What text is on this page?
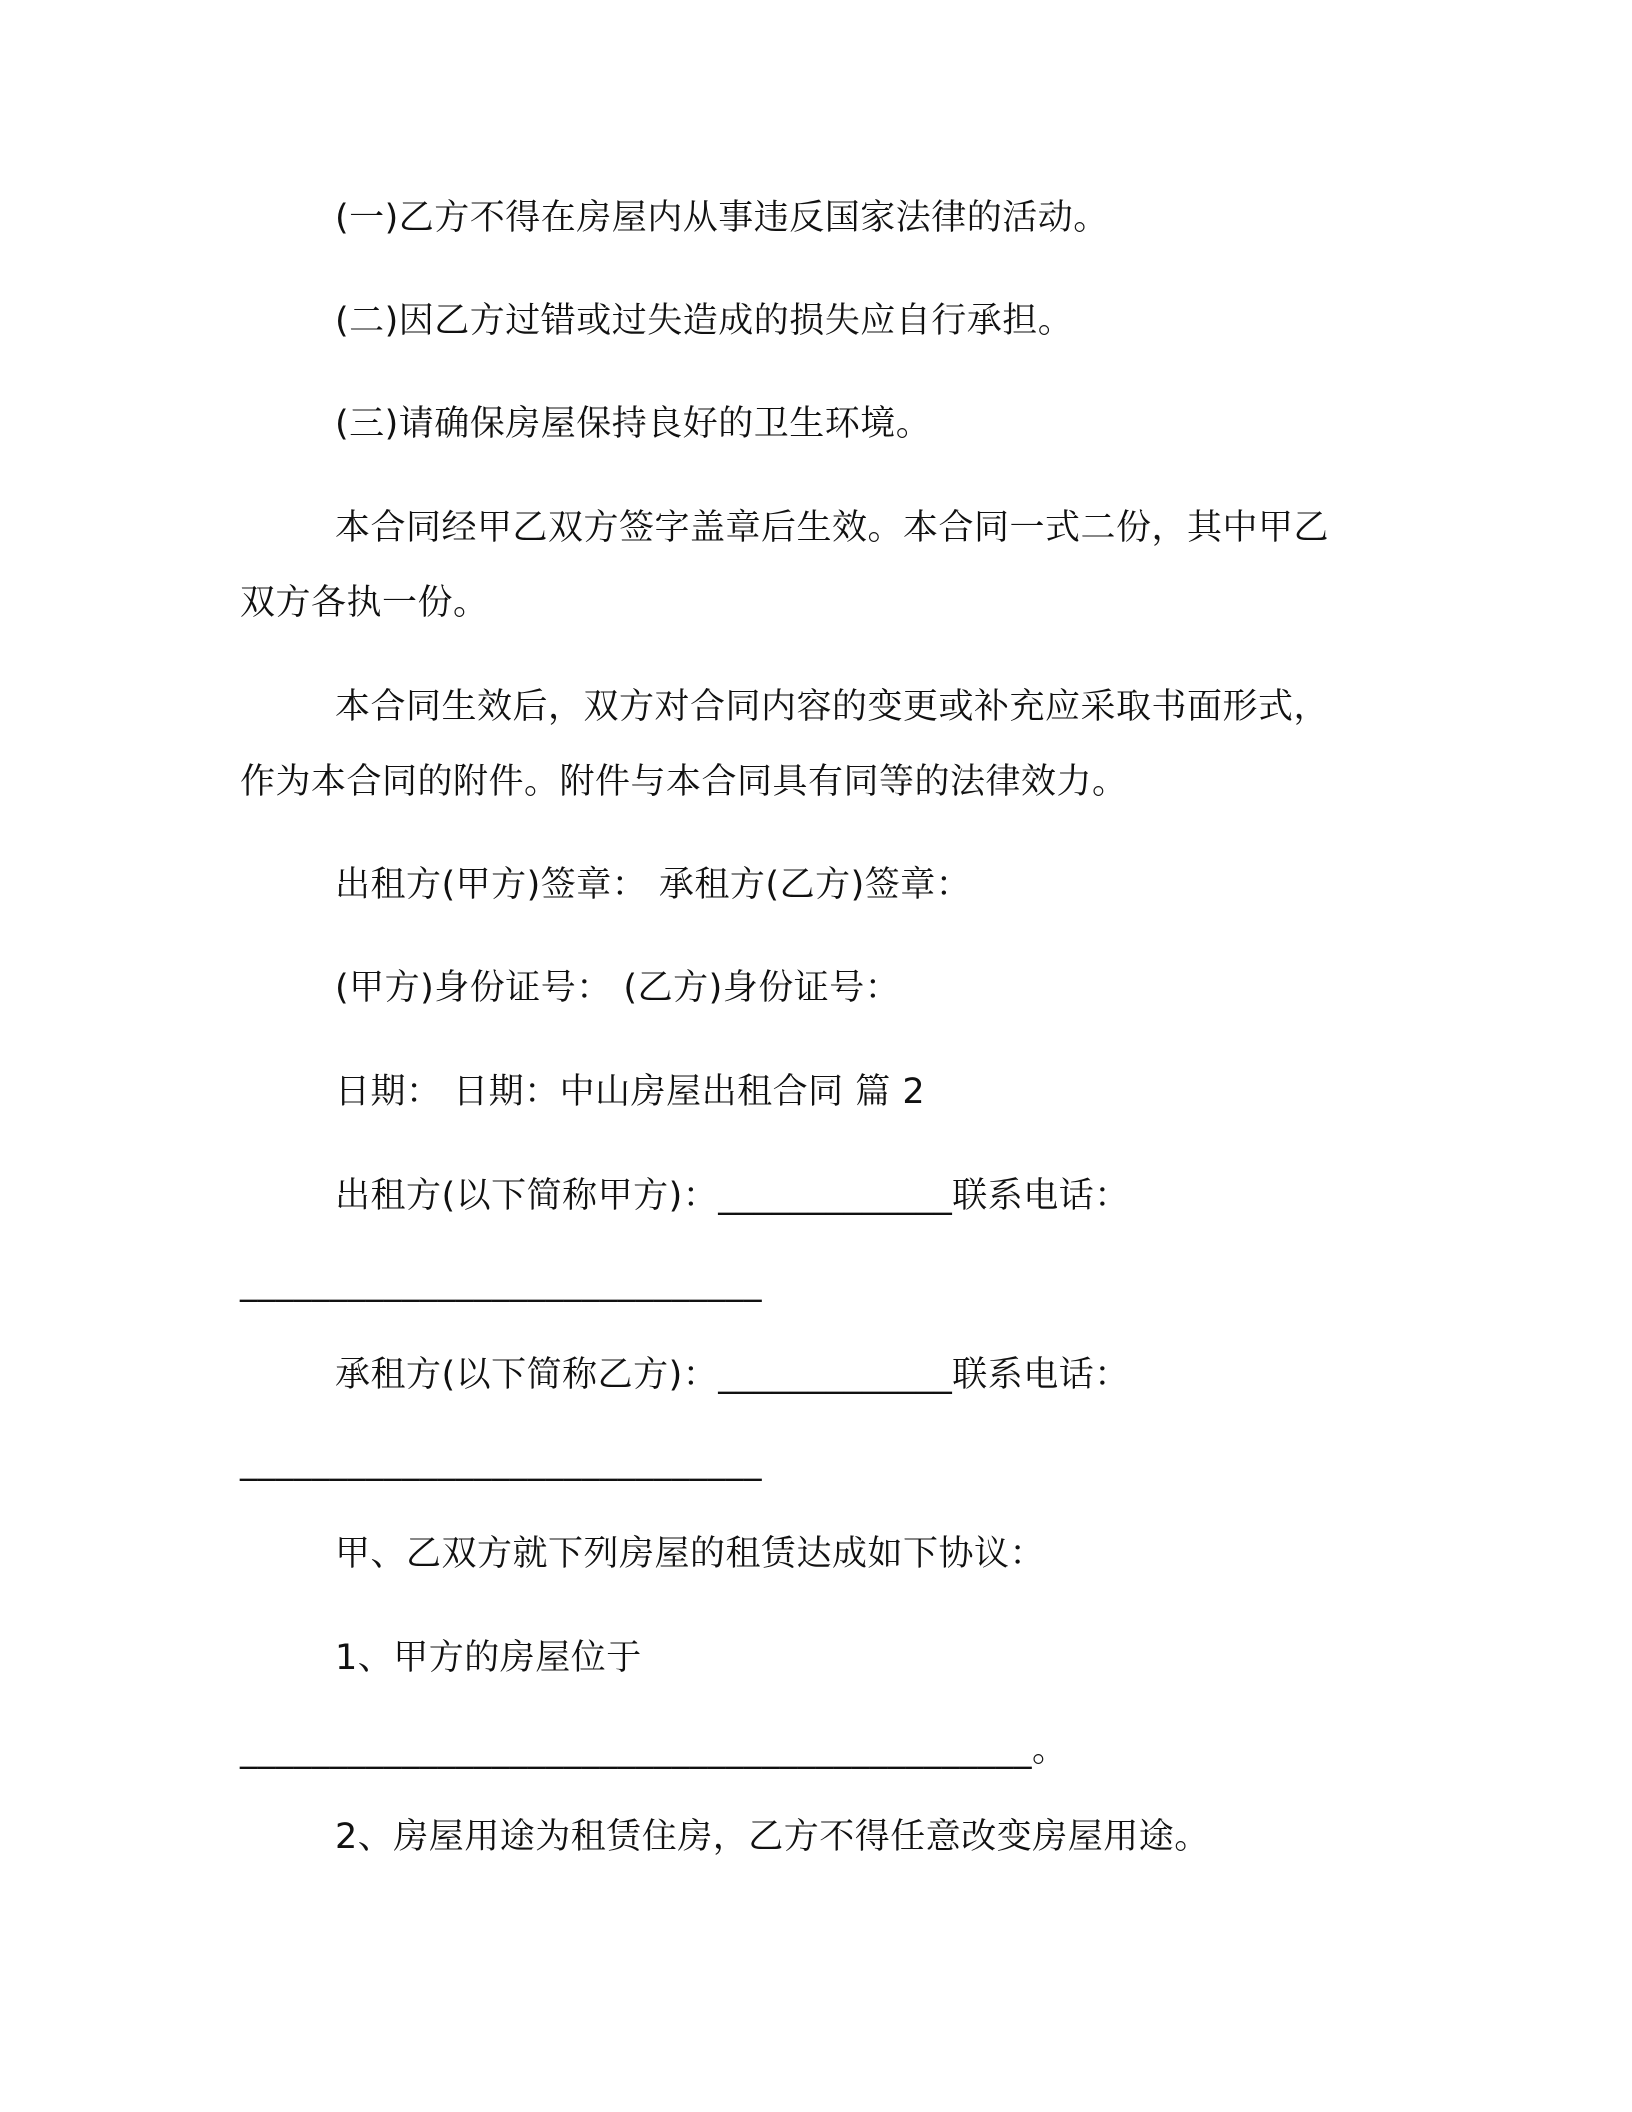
(一)乙方不得在房屋内从事违反国家法律的活动。
(二)因乙方过错或过失造成的损失应自行承担。
(三)请确保房屋保持良好的卫生环境。
本合同经甲乙双方签字盖章后生效。本合同一式二份，其中甲乙
双方各执一份。
本合同生效后，双方对合同内容的变更或补充应采取书面形式，
作为本合同的附件。附件与本合同具有同等的法律效力。
出租方(甲方)签章： 承租方(乙方)签章：
(甲方)身份证号： (乙方)身份证号：
日期： 日期：中山房屋出租合同 篇 2
出租方(以下简称甲方)：_____________联系电话：
_____________________________
承租方(以下简称乙方)：_____________联系电话：
_____________________________
甲、乙双方就下列房屋的租赁达成如下协议：
1、甲方的房屋位于
____________________________________________。
2、房屋用途为租赁住房，乙方不得任意改变房屋用途。
